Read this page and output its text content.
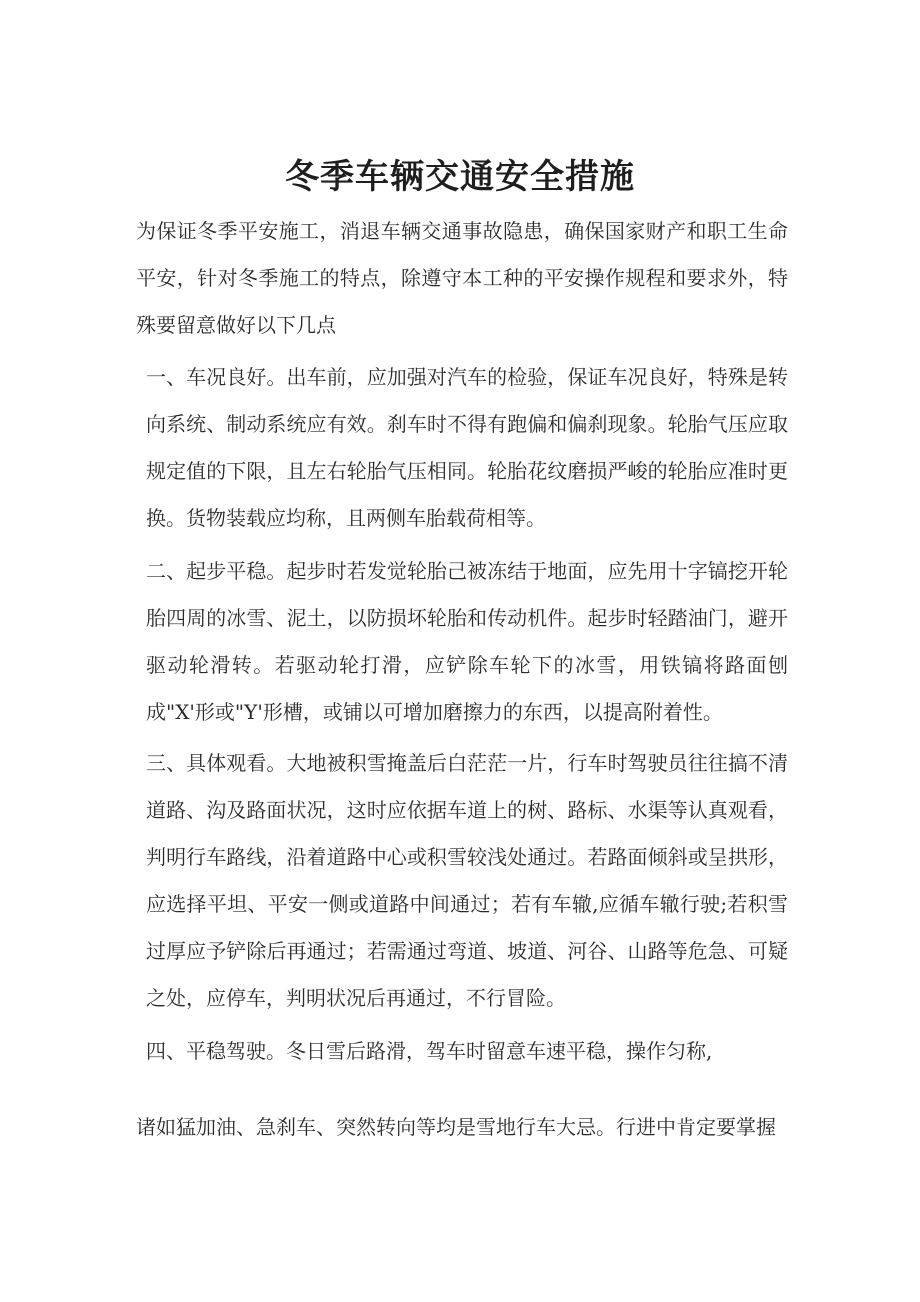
冬季车辆交通安全措施

为保证冬季平安施工，消退车辆交通事故隐患，确保国家财产和职工生命平安，针对冬季施工的特点，除遵守本工种的平安操作规程和要求外，特殊要留意做好以下几点

一、车况良好。出车前，应加强对汽车的检验，保证车况良好，特殊是转向系统、制动系统应有效。刹车时不得有跑偏和偏刹现象。轮胎气压应取规定值的下限，且左右轮胎气压相同。轮胎花纹磨损严峻的轮胎应准时更换。货物装载应均称，且两侧车胎载荷相等。

二、起步平稳。起步时若发觉轮胎己被冻结于地面，应先用十字镐挖开轮胎四周的冰雪、泥土，以防损坏轮胎和传动机件。起步时轻踏油门，避开驱动轮滑转。若驱动轮打滑，应铲除车轮下的冰雪，用铁镐将路面刨成"X'形或"Y'形槽，或铺以可增加磨擦力的东西，以提高附着性。

三、具体观看。大地被积雪掩盖后白茫茫一片，行车时驾驶员往往搞不清道路、沟及路面状况，这时应依据车道上的树、路标、水渠等认真观看，判明行车路线，沿着道路中心或积雪较浅处通过。若路面倾斜或呈拱形，应选择平坦、平安一侧或道路中间通过；若有车辙,应循车辙行驶;若积雪过厚应予铲除后再通过；若需通过弯道、坡道、河谷、山路等危急、可疑之处，应停车，判明状况后再通过，不行冒险。

四、平稳驾驶。冬日雪后路滑，驾车时留意车速平稳，操作匀称,

诸如猛加油、急刹车、突然转向等均是雪地行车大忌。行进中肯定要掌握
